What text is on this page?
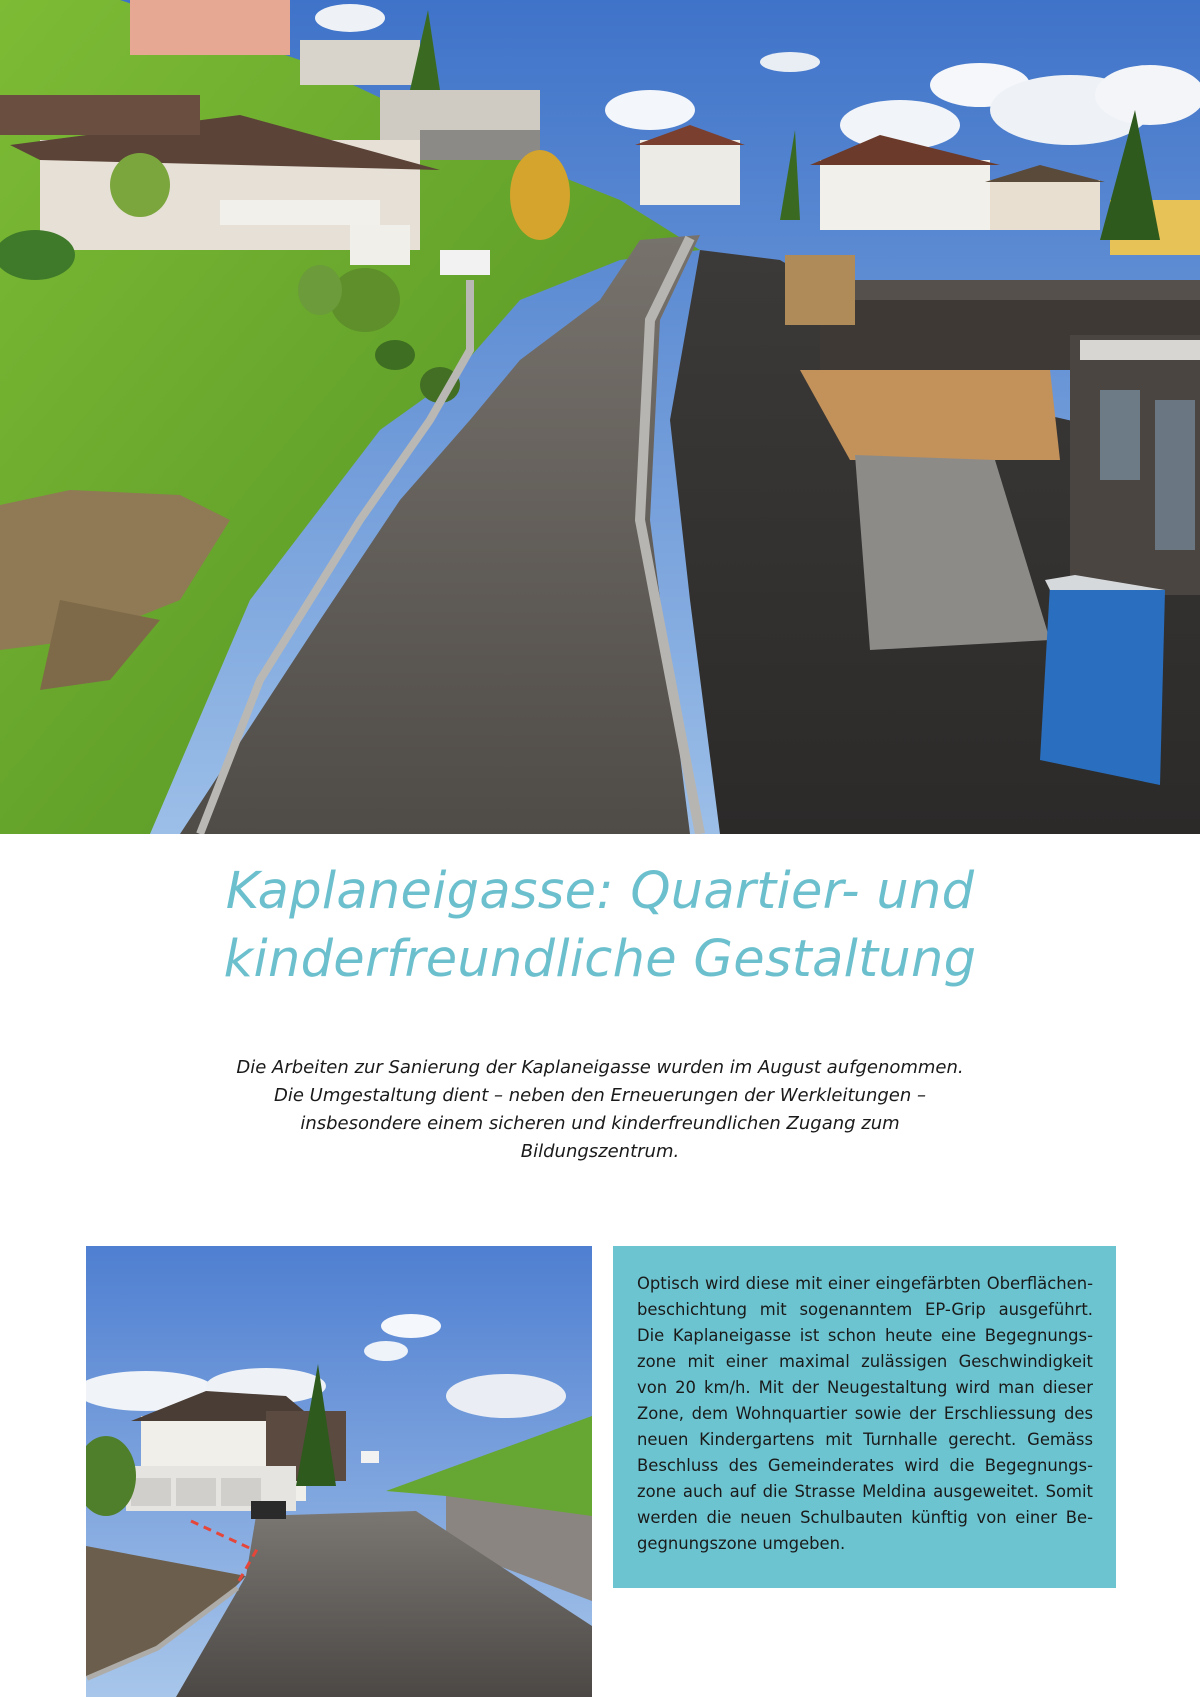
Kaplaneigasse: Quartier- und
kinderfreundliche Gestaltung

Die Arbeiten zur Sanierung der Kaplaneigasse wurden im August aufgenommen. Die Umgestaltung dient – neben den Erneuerungen der Werkleitungen – insbesondere einem sicheren und kinderfreundlichen Zugang zum Bildungszentrum.

Optisch wird diese mit einer eingefärbten Oberflächen-beschichtung mit sogenanntem EP-Grip ausgeführt. Die Kaplaneigasse ist schon heute eine Begegnungs-zone mit einer maximal zulässigen Geschwindigkeit von 20 km/h. Mit der Neugestaltung wird man dieser Zone, dem Wohnquartier sowie der Erschliessung des neuen Kindergartens mit Turnhalle gerecht. Gemäss Beschluss des Gemeinderates wird die Begegnungs-zone auch auf die Strasse Meldina ausgeweitet. Somit werden die neuen Schulbauten künftig von einer Be-gegnungszone umgeben.
